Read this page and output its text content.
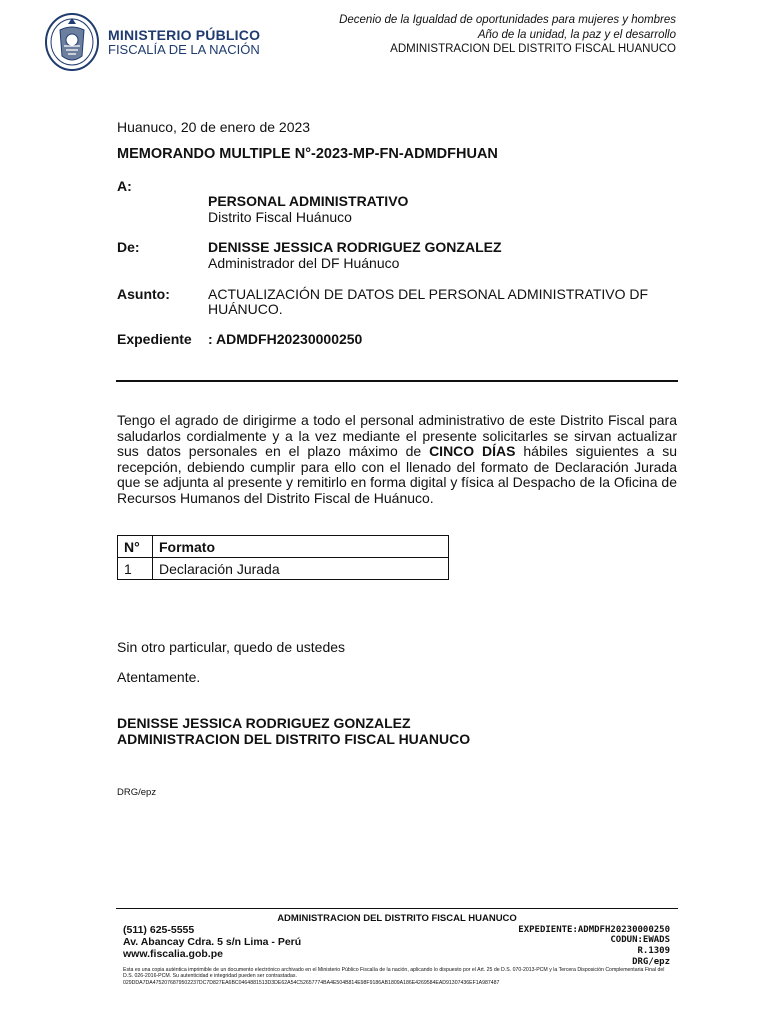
MINISTERIO PÚBLICO
FISCALÍA DE LA NACIÓN
Decenio de la Igualdad de oportunidades para mujeres y hombres
Año de la unidad, la paz y el desarrollo
ADMINISTRACION DEL DISTRITO FISCAL HUANUCO
Huanuco, 20 de enero de 2023
MEMORANDO MULTIPLE N°-2023-MP-FN-ADMDFHUAN
A:
PERSONAL ADMINISTRATIVO
Distrito Fiscal Huánuco
De:	DENISSE JESSICA RODRIGUEZ GONZALEZ
Administrador del DF Huánuco
Asunto:	ACTUALIZACIÓN DE DATOS DEL PERSONAL ADMINISTRATIVO DF
HUÁNUCO.
Expediente : ADMDFH20230000250
Tengo el agrado de dirigirme a todo el personal administrativo de este Distrito Fiscal para saludarlos cordialmente y a la vez mediante el presente solicitarles se sirvan actualizar sus datos personales en el plazo máximo de CINCO DÍAS hábiles siguientes a su recepción, debiendo cumplir para ello con el llenado del formato de Declaración Jurada que se adjunta al presente y remitirlo en forma digital y física al Despacho de la Oficina de Recursos Humanos del Distrito Fiscal de Huánuco.
N°	Formato
1	Declaración Jurada
Sin otro particular, quedo de ustedes
Atentamente.
DENISSE JESSICA RODRIGUEZ GONZALEZ
ADMINISTRACION DEL DISTRITO FISCAL HUANUCO
DRG/epz
ADMINISTRACION DEL DISTRITO FISCAL HUANUCO
(511) 625-5555
Av. Abancay Cdra. 5 s/n Lima - Perú
www.fiscalia.gob.pe
EXPEDIENTE:ADMDFH20230000250
CODUN:EWADS
R.1309
DRG/epz
Esta es una copia auténtica imprimible de un documento electrónico archivado en el Ministerio Público Fiscalía de la nación, aplicando lo dispuesto por el Art. 25 de D.S. 070-2013-PCM y la Tercera Disposición Complementaria Final del D.S. 026-2016-PCM. Su autenticidad e integridad pueden ser contrastadas.
029DDA7DA4752076879502237DC7D827EA6BC0464881513D3DE62A54C52657774BA4E504B814E98F9186AB1809A186E4269584EAD91307436EF1A987487
